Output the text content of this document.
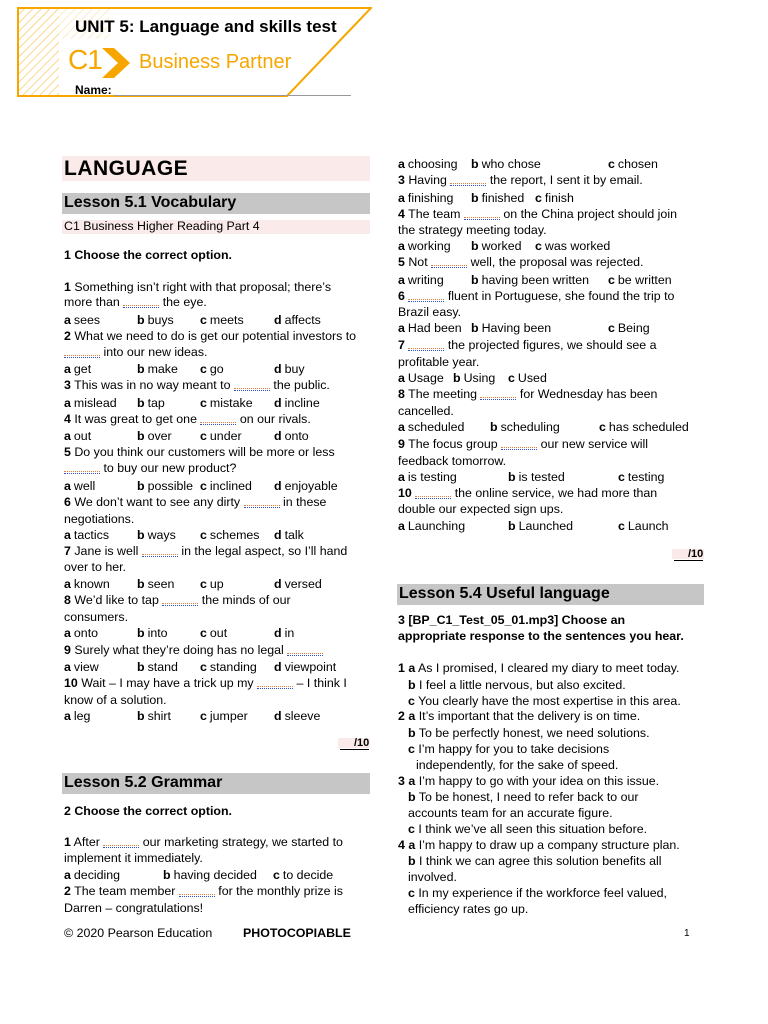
UNIT 5: Language and skills test
C1 Business Partner
Name:
LANGUAGE
Lesson 5.1 Vocabulary
C1 Business Higher Reading Part 4
1 Choose the correct option.
1 Something isn’t right with that proposal; there’s
more than	the eye.
a sees	b buys c meets d affects
2 What we need to do is get our potential investors to
into our new ideas.
a get	b make c go	d buy
3 This was in no way meant to	the public.
a mislead b tap	c mistake d incline
4 It was great to get one	on our rivals.
a out	b over c under	d onto
5 Do you think our customers will be more or less
to buy our new product?
a well	b possible c inclined d enjoyable
6 We don’t want to see any dirty	in these
negotiations.
a tactics b ways c schemes d talk
7 Jane is well	in the legal aspect, so I’ll hand
over to her.
a known b seen c up	d versed
8 We’d like to tap	the minds of our
consumers.
a onto	b into	c out	d in
9 Surely what they’re doing has no legal
a view	b stand c standing d viewpoint
10 Wait – I may have a trick up my	– I think I
know of a solution.
a leg	b shirt c jumper d sleeve
/10
Lesson 5.2 Grammar
2 Choose the correct option.
1 After	our marketing strategy, we started to
implement it immediately.
a deciding	b having decided c to decide
2 The team member	for the monthly prize is
Darren – congratulations!
© 2020 Pearson Education PHOTOCOPIABLE	1
a choosing b who chose	c chosen
3 Having	the report, I sent it by email.
a finishing b finished c finish
4 The team	on the China project should join
the strategy meeting today.
a working b worked c was worked
5 Not	well, the proposal was rejected.
a writing b having been written c be written
6	fluent in Portuguese, she found the trip to
Brazil easy.
a Had been b Having been	c Being
7	the projected figures, we should see a
profitable year.
a Usage b Using c Used
8 The meeting	for Wednesday has been
cancelled.
a scheduled b scheduling	c has scheduled
9 The focus group	our new service will
feedback tomorrow.
a is testing	b is tested	c testing
10	the online service, we had more than
double our expected sign ups.
a Launching	b Launched	c Launch
/10
Lesson 5.4 Useful language
3 [BP_C1_Test_05_01.mp3] Choose an
appropriate response to the sentences you hear.
1 a As I promised, I cleared my diary to meet today.
b I feel a little nervous, but also excited.
c You clearly have the most expertise in this area.
2 a It’s important that the delivery is on time.
b To be perfectly honest, we need solutions.
c I’m happy for you to take decisions
independently, for the sake of speed.
3 a I’m happy to go with your idea on this issue.
b To be honest, I need to refer back to our
accounts team for an accurate figure.
c I think we’ve all seen this situation before.
4 a I’m happy to draw up a company structure plan.
b I think we can agree this solution benefits all
involved.
c In my experience if the workforce feel valued,
efficiency rates go up.
